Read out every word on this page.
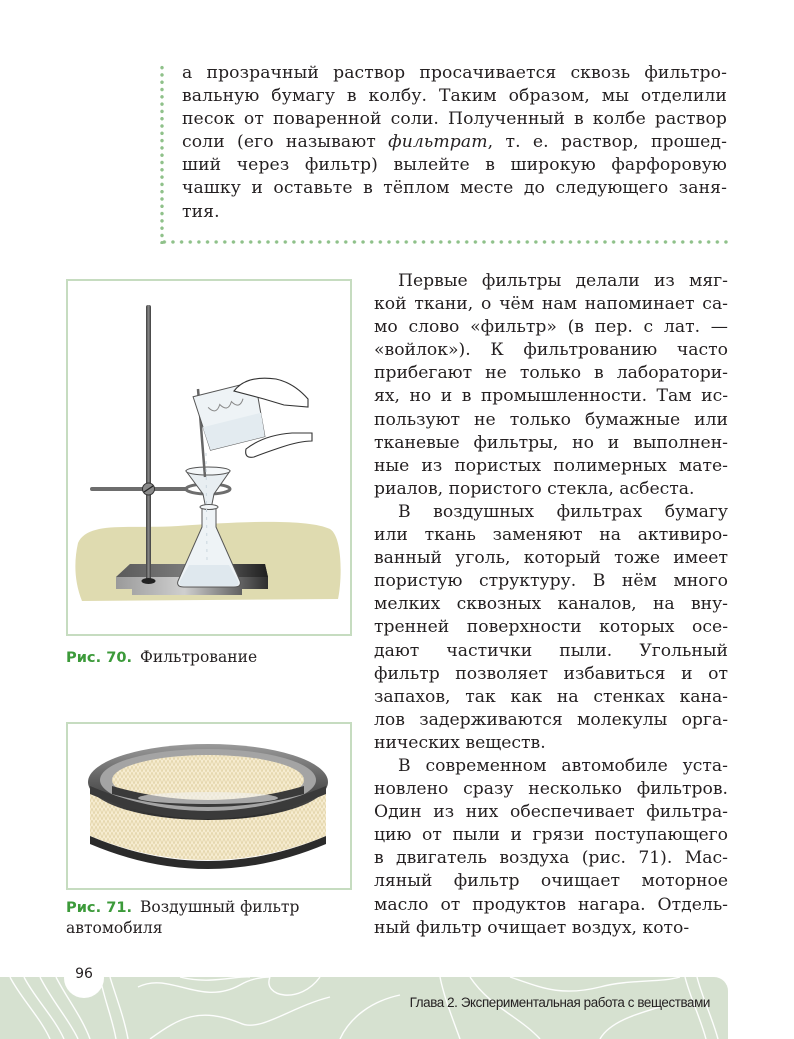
а прозрачный раствор просачивается сквозь фильтро-
вальную бумагу в колбу. Таким образом, мы отделили
песок от поваренной соли. Полученный в колбе раствор
соли (его называют фильтрат, т. е. раствор, прошед-
ший через фильтр) вылейте в широкую фарфоровую
чашку и оставьте в тёплом месте до следующего заня-
тия.

Рис. 70. Фильтрование
Рис. 71. Воздушный фильтр
автомобиля
Первые фильтры делали из мяг-
кой ткани, о чём нам напоминает са-
мо слово «фильтр» (в пер. с лат. —
«войлок»). К фильтрованию часто
прибегают не только в лаборатори-
ях, но и в промышленности. Там ис-
пользуют не только бумажные или
тканевые фильтры, но и выполнен-
ные из пористых полимерных мате-
риалов, пористого стекла, асбеста.
В воздушных фильтрах бумагу
или ткань заменяют на активиро-
ванный уголь, который тоже имеет
пористую структуру. В нём много
мелких сквозных каналов, на вну-
тренней поверхности которых осе-
дают частички пыли. Угольный
фильтр позволяет избавиться и от
запахов, так как на стенках кана-
лов задерживаются молекулы орга-
нических веществ.
В современном автомобиле уста-
новлено сразу несколько фильтров.
Один из них обеспечивает фильтра-
цию от пыли и грязи поступающего
в двигатель воздуха (рис. 71). Мас-
ляный фильтр очищает моторное
масло от продуктов нагара. Отдель-
ный фильтр очищает воздух, кото-
96
Глава 2. Экспериментальная работа с веществами
